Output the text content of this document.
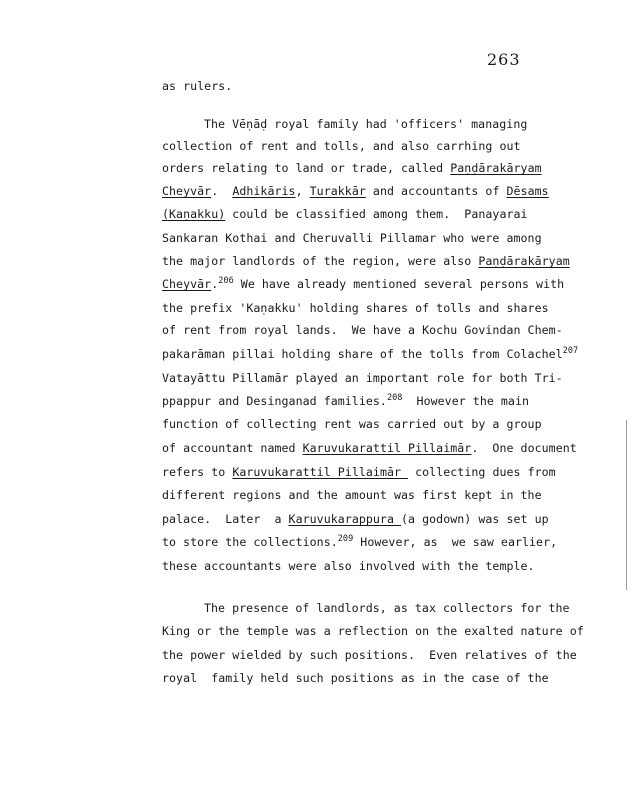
263
as rulers.
The Vēṇāḍ royal family had 'officers' managing
collection of rent and tolls, and also carrhing out
orders relating to land or trade, called Paṇḍārakāryam
Cheyvār.  Adhikāris, Turakkār and accountants of Dēsams
(Kaṇakku) could be classified among them.  Panayarai
Sankaran Kothai and Cheruvalli Pillamar who were among
the major landlords of the region, were also Paṇḍārakāryam
Cheyvār.$^{206}$ We have already mentioned several persons with
the prefix 'Kaṇakku' holding shares of tolls and shares
of rent from royal lands.  We have a Kochu Govindan Chem-
pakarāman pillai holding share of the tolls from Colachel$^{207}$
Vatayāttu Pillamār played an important role for both Tri-
ppappur and Desinganad families.$^{208}$  However the main
function of collecting rent was carried out by a group
of accountant named Karuvukarattil Pillaimār.  One document
refers to Karuvukarattil Pillaimār  collecting dues from
different regions and the amount was first kept in the
palace.  Later  a Karuvukarappura (a godown) was set up
to store the collections.$^{209}$ However, as  we saw earlier,
these accountants were also involved with the temple.
The presence of landlords, as tax collectors for the
King or the temple was a reflection on the exalted nature of
the power wielded by such positions.  Even relatives of the
royal  family held such positions as in the case of the
